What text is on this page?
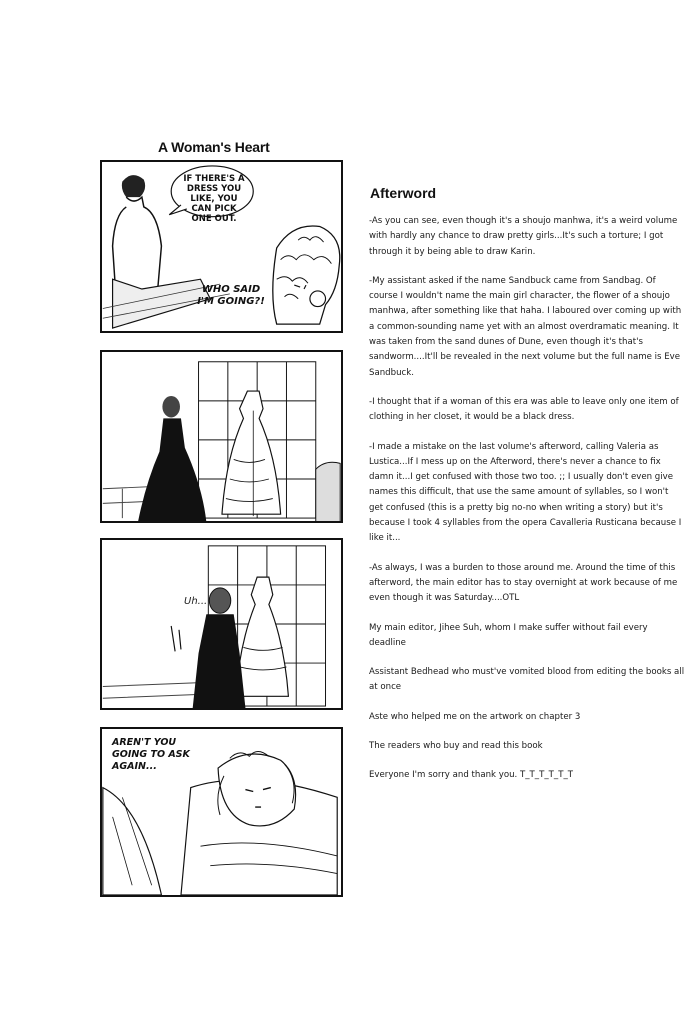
A Woman's Heart
IF THERE'S A DRESS YOU LIKE, YOU CAN PICK ONE OUT.
WHO SAID I'M GOING?!
Uh...
AREN'T YOU GOING TO ASK AGAIN...
Afterword

-As you can see, even though it's a shoujo manhwa, it's a weird volume with hardly any chance to draw pretty girls...It's such a torture; I got through it by being able to draw Karin.

-My assistant asked if the name Sandbuck came from Sandbag. Of course I wouldn't name the main girl character, the flower of a shoujo manhwa, after something like that haha. I laboured over coming up with a common-sounding name yet with an almost overdramatic meaning. It was taken from the sand dunes of Dune, even though it's that's sandworm....It'll be revealed in the next volume but the full name is Eve Sandbuck.

-I thought that if a woman of this era was able to leave only one item of clothing in her closet, it would be a black dress.

-I made a mistake on the last volume's afterword, calling Valeria as Lustica...If I mess up on the Afterword, there's never a chance to fix damn it...I get confused with those two too. ;; I usually don't even give names this difficult, that use the same amount of syllables, so I won't get confused (this is a pretty big no-no when writing a story) but it's because I took 4 syllables from the opera Cavalleria Rusticana because I like it...

-As always, I was a burden to those around me. Around the time of this afterword, the main editor has to stay overnight at work because of me even though it was Saturday....OTL

My main editor, Jihee Suh, whom I make suffer without fail every deadline

Assistant Bedhead who must've vomited blood from editing the books all at once

Aste who helped me on the artwork on chapter 3

The readers who buy and read this book

Everyone I'm sorry and thank you. T_T_T_T_T_T
